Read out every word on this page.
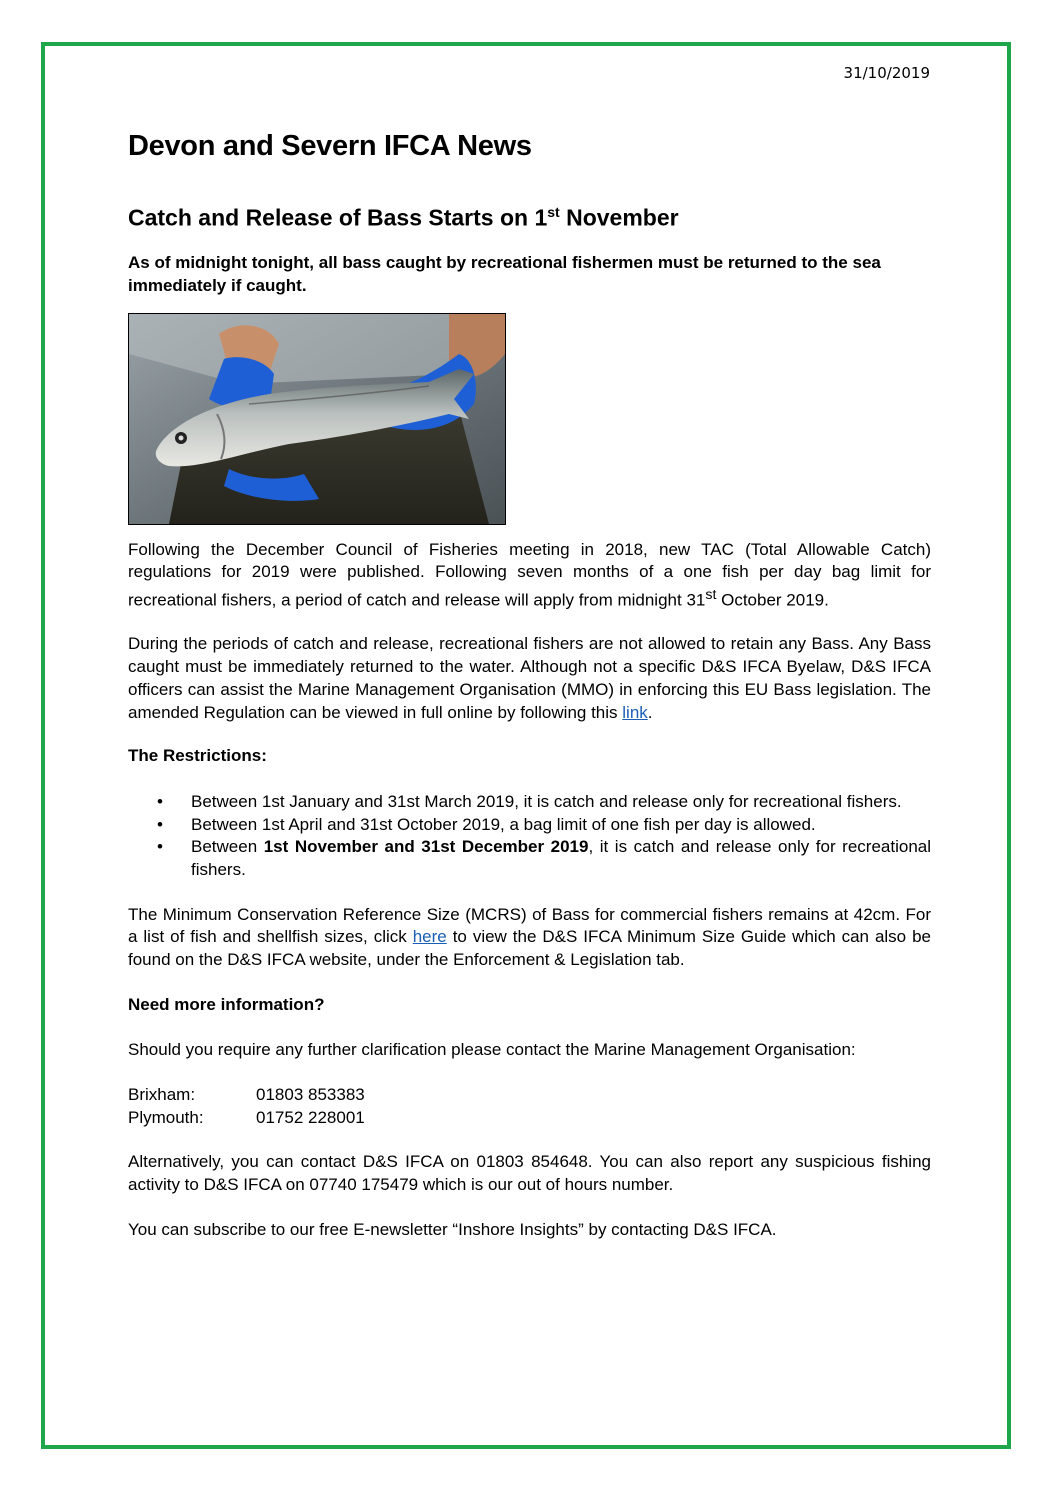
31/10/2019
Devon and Severn IFCA News
Catch and Release of Bass Starts on 1st November
As of midnight tonight, all bass caught by recreational fishermen must be returned to the sea immediately if caught.

Following the December Council of Fisheries meeting in 2018, new TAC (Total Allowable Catch) regulations for 2019 were published. Following seven months of a one fish per day bag limit for recreational fishers, a period of catch and release will apply from midnight 31st October 2019.

During the periods of catch and release, recreational fishers are not allowed to retain any Bass. Any Bass caught must be immediately returned to the water. Although not a specific D&S IFCA Byelaw, D&S IFCA officers can assist the Marine Management Organisation (MMO) in enforcing this EU Bass legislation. The amended Regulation can be viewed in full online by following this link.

The Restrictions:

• Between 1st January and 31st March 2019, it is catch and release only for recreational fishers.
• Between 1st April and 31st October 2019, a bag limit of one fish per day is allowed.
• Between 1st November and 31st December 2019, it is catch and release only for recreational fishers.

The Minimum Conservation Reference Size (MCRS) of Bass for commercial fishers remains at 42cm. For a list of fish and shellfish sizes, click here to view the D&S IFCA Minimum Size Guide which can also be found on the D&S IFCA website, under the Enforcement & Legislation tab.

Need more information?

Should you require any further clarification please contact the Marine Management Organisation:

Brixham:	01803 853383
Plymouth:	01752 228001

Alternatively, you can contact D&S IFCA on 01803 854648. You can also report any suspicious fishing activity to D&S IFCA on 07740 175479 which is our out of hours number.

You can subscribe to our free E-newsletter “Inshore Insights” by contacting D&S IFCA.
